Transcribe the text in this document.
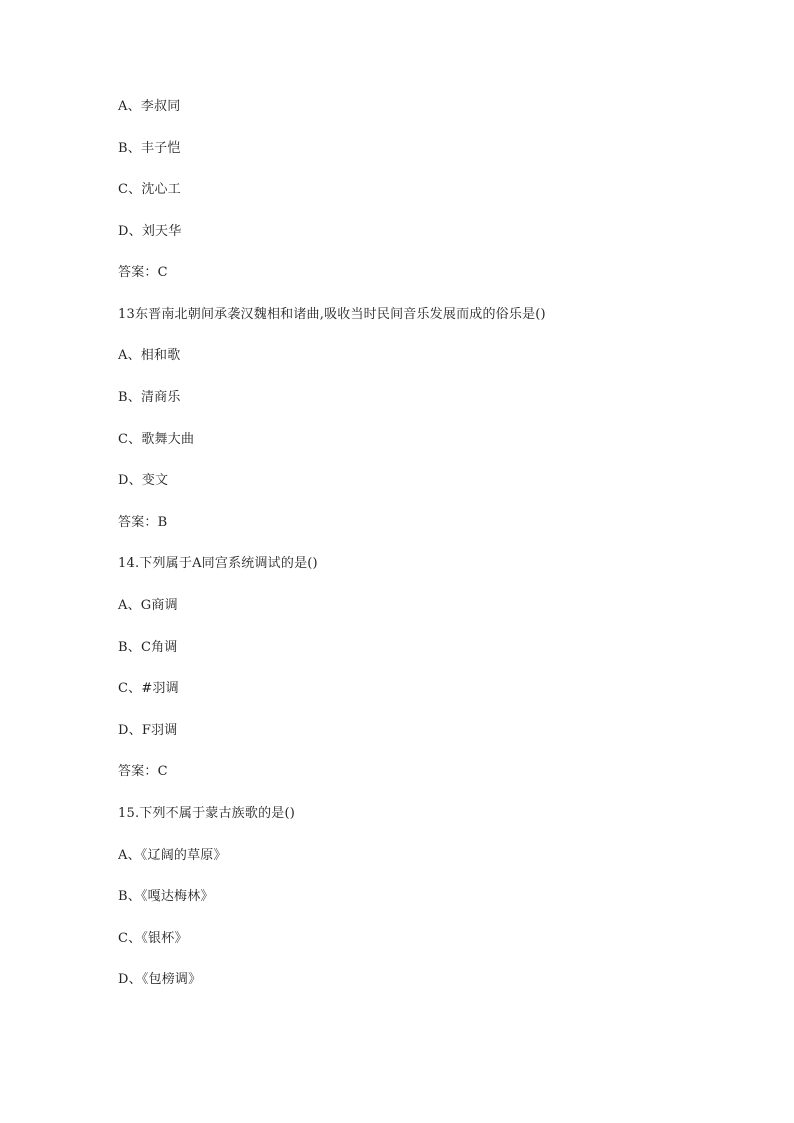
A、李叔同
B、丰子恺
C、沈心工
D、刘天华
答案：C
13东晋南北朝间承袭汉魏相和诸曲,吸收当时民间音乐发展而成的俗乐是()
A、相和歌
B、清商乐
C、歌舞大曲
D、变文
答案：B
14.下列属于A同宫系统调试的是()
A、G商调
B、C角调
C、#羽调
D、F羽调
答案：C
15.下列不属于蒙古族歌的是()
A、《辽阔的草原》
B、《嘎达梅林》
C、《银杯》
D、《包榜调》
